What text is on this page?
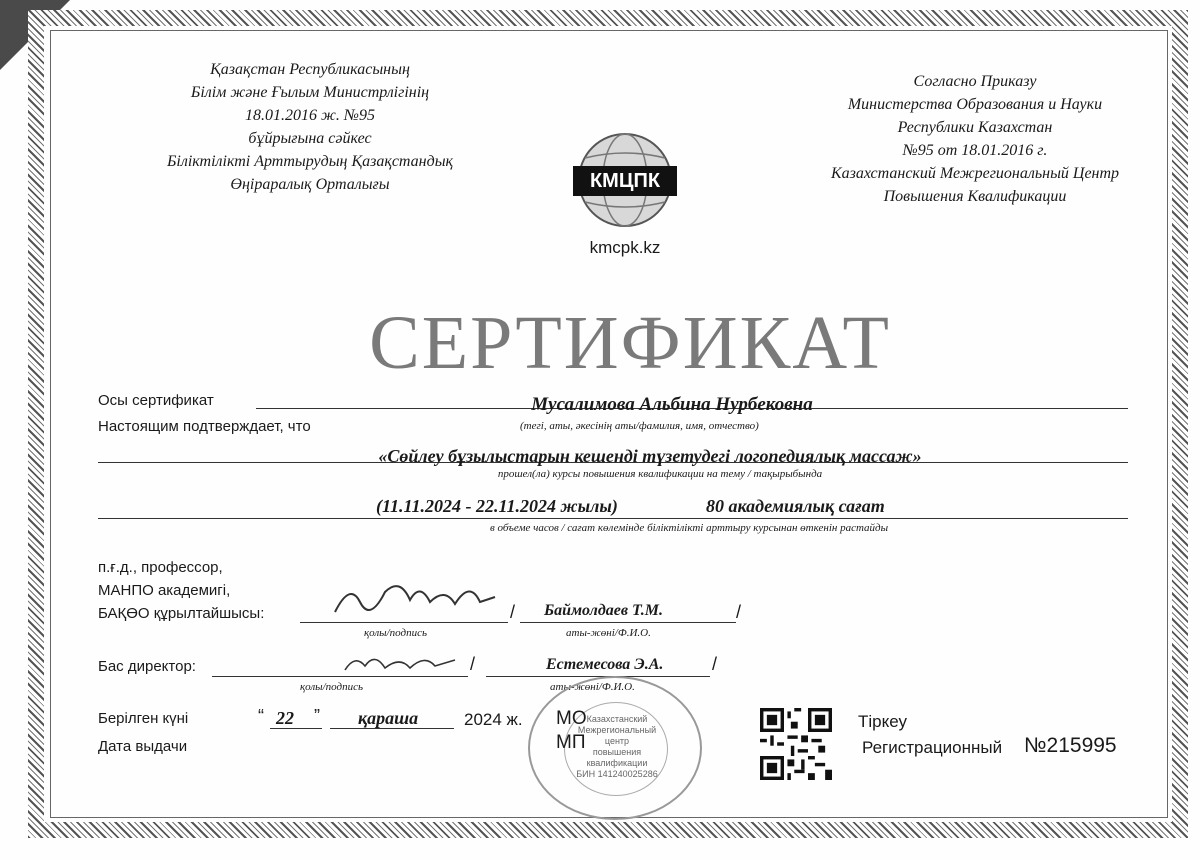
Қазақстан Республикасының
Білім және Ғылым Министрлігінің
18.01.2016 ж. №95
бұйрығына сәйкес
Біліктілікті Арттырудың Қазақстандық
Өңіраралық Орталығы
Согласно Приказу
Министерства Образования и Науки
Республики Казахстан
№95 от 18.01.2016 г.
Казахстанский Межрегиональный Центр
Повышения Квалификации
КМЦПК
kmcpk.kz
СЕРТИФИКАТ
Осы сертификат	Мусалимова Альбина Нурбековна
(тегі, аты, әкесінің аты/фамилия, имя, отчество)
Настоящим подтверждает, что
«Сөйлеу бұзылыстарын кешенді түзетудегі логопедиялық массаж»
прошел(ла) курсы повышения квалификации на тему / тақырыбында
(11.11.2024 - 22.11.2024 жылы)	80 академиялық сағат
в объеме часов / сағат көлемінде біліктілікті арттыру курсынан өткенін растайды
п.ғ.д., профессор,
МАНПО академигі,
БАҚӨО құрылтайшысы:
қолы/подпись
/ Баймолдаев Т.М.
аты-жөні/Ф.И.О.
/
Бас директор:
қолы/подпись
/	Естемесова Э.А.
аты-жөні/Ф.И.О.
/
Берілген күні
Дата выдачи
“ 22 ” қараша	2024 ж.	Казахстанский
Межрегиональный
центр
повышения
квалификации
БИН 141240025286
МО
МП
Тіркеу
Регистрационный №215995
